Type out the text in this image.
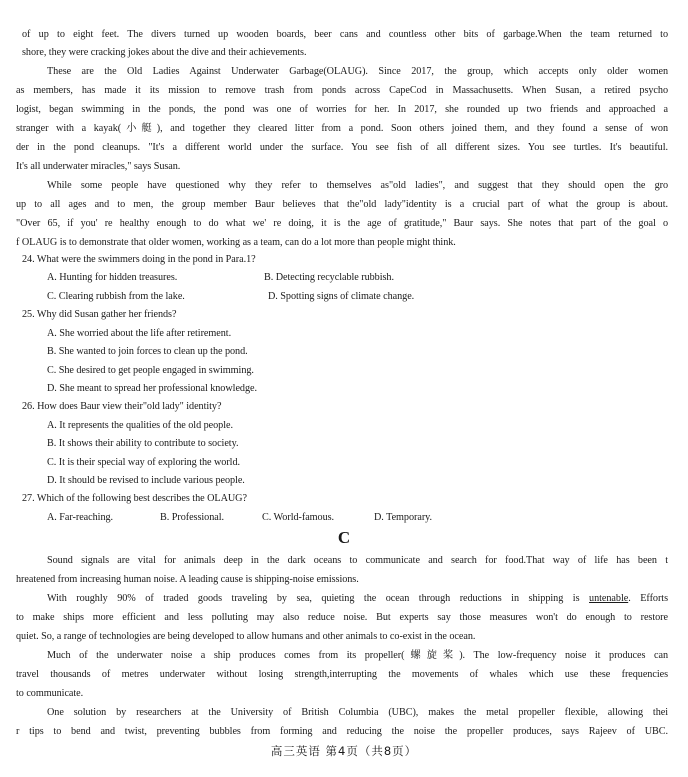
of up to eight feet. The divers turned up wooden boards, beer cans and countless other bits of garbage.When the team returned to
shore, they were cracking jokes about the dive and their achievements.
These are the Old Ladies Against Underwater Garbage(OLAUG). Since 2017, the group, which accepts only older women
as members, has made it its mission to remove trash from ponds across CapeCod in Massachusetts. When Susan, a retired psycho
logist, began swimming in the ponds, the pond was one of worries for her. In 2017, she rounded up two friends and approached a
stranger with a kayak(小艇), and together they cleared litter from a pond. Soon others joined them, and they found a sense of won
der in the pond cleanups. "It's a different world under the surface. You see fish of all different sizes. You see turtles. It's beautiful.
It's all underwater miracles," says Susan.
While some people have questioned why they refer to themselves as"old ladies", and suggest that they should open the gro
up to all ages and to men, the group member Baur believes that the"old lady"identity is a crucial part of what the group is about.
"Over 65, if you' re healthy enough to do what we' re doing, it is the age of gratitude," Baur says. She notes that part of the goal o
f OLAUG is to demonstrate that older women, working as a team, can do a lot more than people might think.
24. What were the swimmers doing in the pond in Para.1?
A. Hunting for hidden treasures.	B. Detecting recyclable rubbish.
C. Clearing rubbish from the lake.	D. Spotting signs of climate change.
25. Why did Susan gather her friends?
A. She worried about the life after retirement.
B. She wanted to join forces to clean up the pond.
C. She desired to get people engaged in swimming.
D. She meant to spread her professional knowledge.
26. How does Baur view their"old lady" identity?
A. It represents the qualities of the old people.
B. It shows their ability to contribute to society.
C. It is their special way of exploring the world.
D. It should be revised to include various people.
27. Which of the following best describes the OLAUG?
A. Far-reaching.	B. Professional.	C. World-famous.	D. Temporary.
C
Sound signals are vital for animals deep in the dark oceans to communicate and search for food.That way of life has been t
hreatened from increasing human noise. A leading cause is shipping-noise emissions.
With roughly 90% of traded goods traveling by sea, quieting the ocean through reductions in shipping is untenable. Efforts
to make ships more efficient and less polluting may also reduce noise. But experts say those measures won't do enough to restore
quiet. So, a range of technologies are being developed to allow humans and other animals to co-exist in the ocean.
Much of the underwater noise a ship produces comes from its propeller(螺旋桨). The low-frequency noise it produces can
travel thousands of metres underwater without losing strength,interrupting the movements of whales which use these frequencies
to communicate.
One solution by researchers at the University of British Columbia (UBC), makes the metal propeller flexible, allowing thei
r tips to bend and twist, preventing bubbles from forming and reducing the noise the propeller produces, says Rajeev of UBC.
高三英语 第4页（共8页）
